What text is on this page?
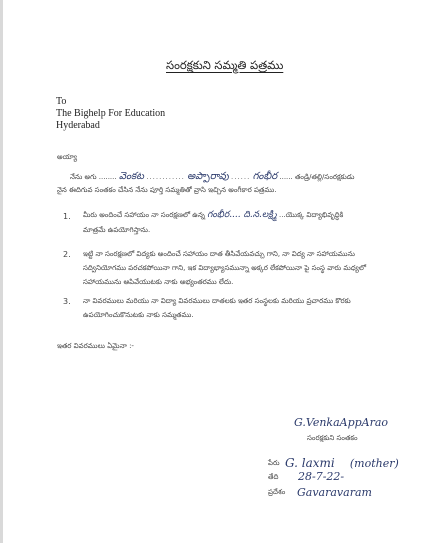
సంరక్షకుని సమ్మతి పత్రము
To
The Bighelp For Education
Hyderabad
అయ్యా
నేను అగు ........ వెంకట ............ అప్పారావు ...... గంభీర ...... తండ్రి/తల్లి/సంరక్షకుడు
నైన ఈదిగువ సంతకం చేసిన నేను పూర్తి సమ్మతితో వ్రాసి ఇచ్చిన అంగీకార పత్రము.
1. మీరు అందించే సహాయం నా సంరక్షణలో ఉన్న గంభీర.... ది.న.లక్ష్మి ...యొక్క విద్యాభివృద్ధికి
మాత్రమే ఉపయోగిస్తాను.
2. ఇట్టి నా సంరక్షణలో విద్యకు అందించే సహాయం దాత తీసివేయవచ్చు గాని, నా విద్య నా సహాయమును
సద్వినియోగము పరచకపోయినా గాని, ఇక విద్యాభ్యాసమున్నా అక్కర లేకపోయినా పై సంస్థ వారు మధ్యలో
సహాయమును ఆపివేయుటకు నాకు అభ్యంతరము లేదు.
3. నా వివరములు మరియు నా విద్యా వివరములు దాతలకు ఇతర సంస్థలకు మరియు ప్రచారము కొరకు
ఉపయోగించుకొనుటకు నాకు సమ్మతము.
ఇతర వివరములు ఏమైనా :-
G.VenkaAppArao
సంరక్షకుని సంతకం
పేరు G. laxmi (mother)
తేది 28-7-22-
ప్రదేశం Gavaravaram
